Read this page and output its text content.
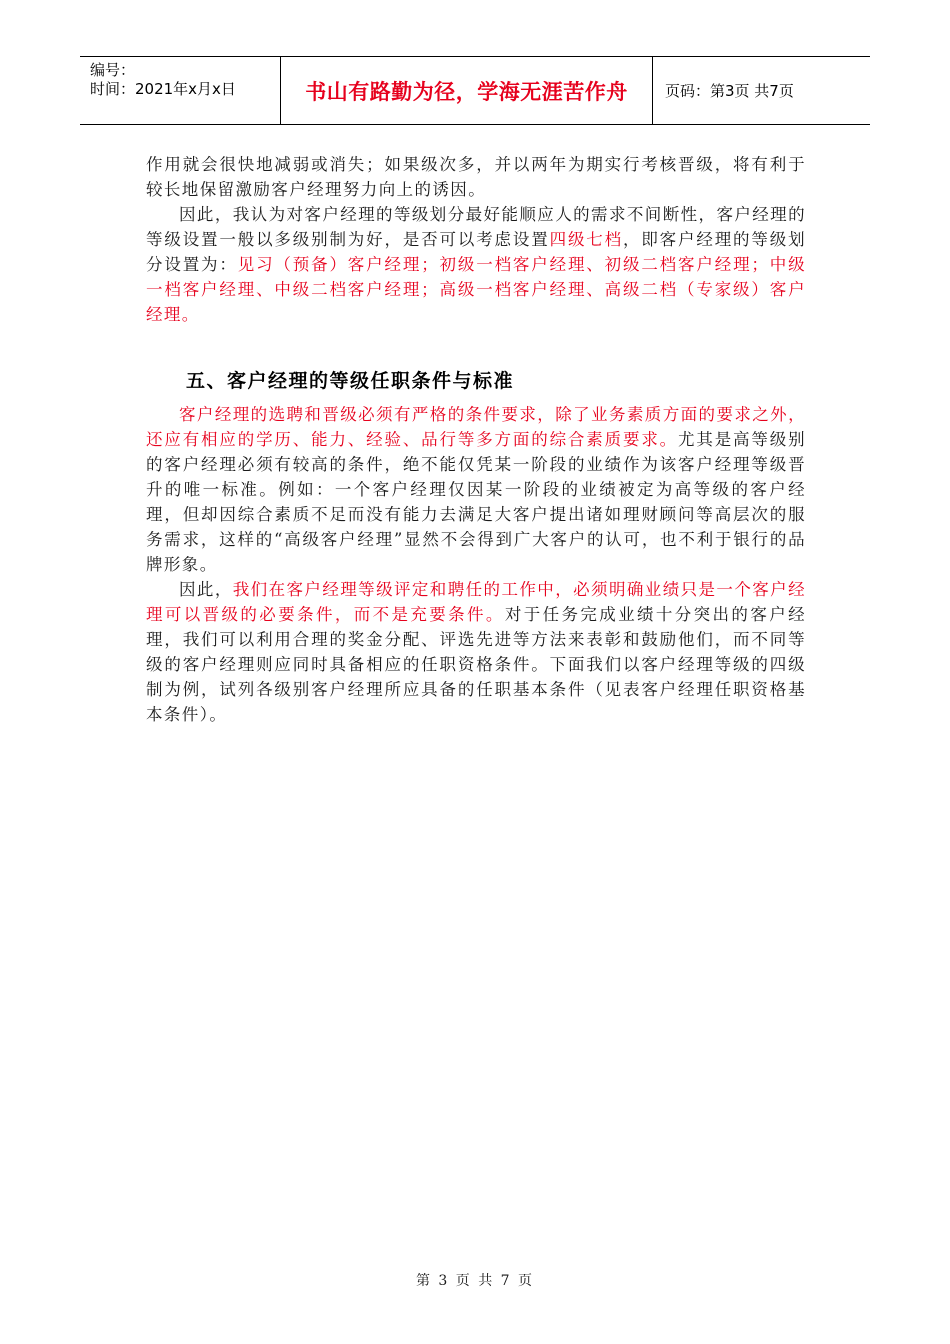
编号：
时间：2021年x月x日	书山有路勤为径，学海无涯苦作舟 页码：第3页 共7页

作用就会很快地减弱或消失；如果级次多，并以两年为期实行考核晋级，将有利于较长地保留激励客户经理努力向上的诱因。

因此，我认为对客户经理的等级划分最好能顺应人的需求不间断性，客户经理的等级设置一般以多级别制为好，是否可以考虑设置四级七档，即客户经理的等级划分设置为：见习（预备）客户经理；初级一档客户经理、初级二档客户经理；中级一档客户经理、中级二档客户经理；高级一档客户经理、高级二档（专家级）客户经理。

五、客户经理的等级任职条件与标准

客户经理的选聘和晋级必须有严格的条件要求，除了业务素质方面的要求之外，还应有相应的学历、能力、经验、品行等多方面的综合素质要求。尤其是高等级别的客户经理必须有较高的条件，绝不能仅凭某一阶段的业绩作为该客户经理等级晋升的唯一标准。例如：一个客户经理仅因某一阶段的业绩被定为高等级的客户经理，但却因综合素质不足而没有能力去满足大客户提出诸如理财顾问等高层次的服务需求，这样的“高级客户经理”显然不会得到广大客户的认可，也不利于银行的品牌形象。

因此，我们在客户经理等级评定和聘任的工作中，必须明确业绩只是一个客户经理可以晋级的必要条件，而不是充要条件。对于任务完成业绩十分突出的客户经理，我们可以利用合理的奖金分配、评选先进等方法来表彰和鼓励他们，而不同等级的客户经理则应同时具备相应的任职资格条件。下面我们以客户经理等级的四级制为例，试列各级别客户经理所应具备的任职基本条件（见表客户经理任职资格基本条件）。

第 3 页 共 7 页
